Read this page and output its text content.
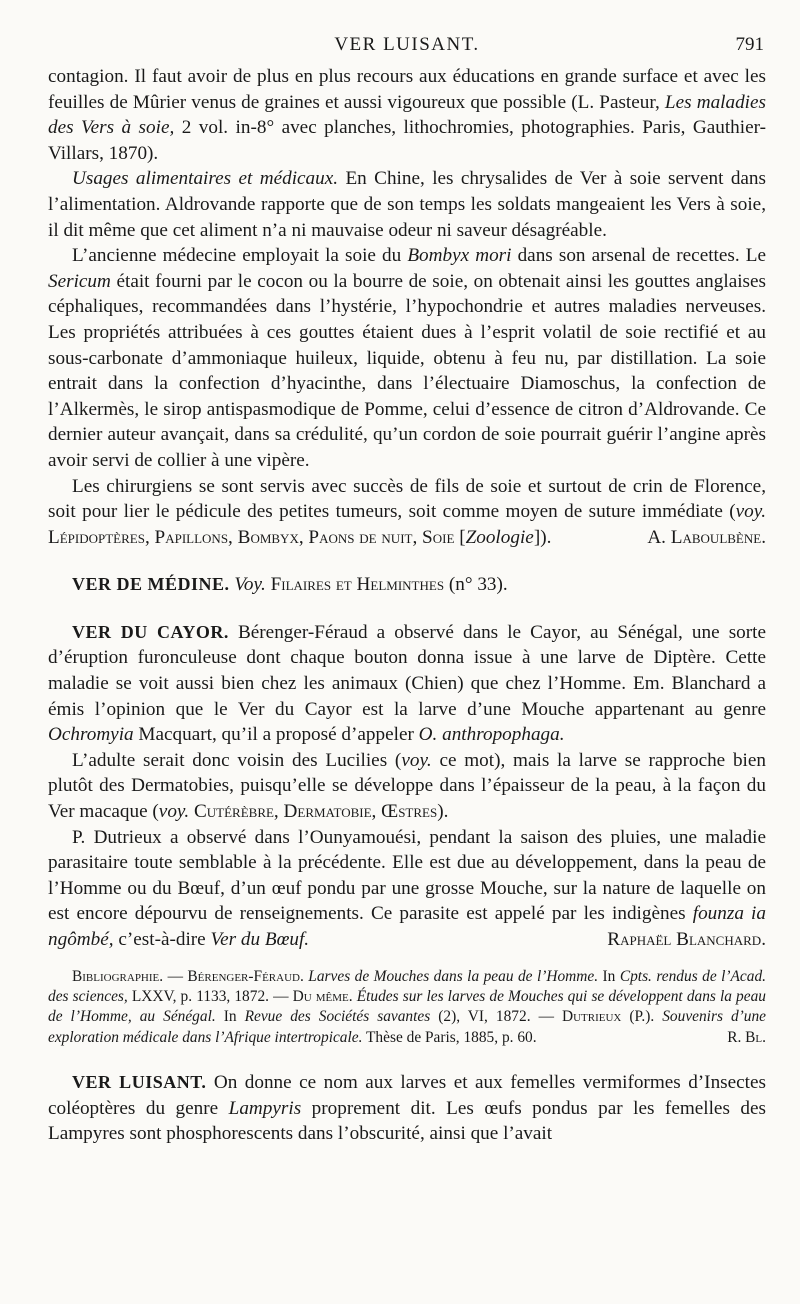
VER LUISANT.	791

contagion. Il faut avoir de plus en plus recours aux éducations en grande surface et avec les feuilles de Mûrier venus de graines et aussi vigoureux que possible (L. Pasteur, Les maladies des Vers à soie, 2 vol. in-8° avec planches, lithochromies, photographies. Paris, Gauthier-Villars, 1870).

Usages alimentaires et médicaux. En Chine, les chrysalides de Ver à soie servent dans l’alimentation. Aldrovande rapporte que de son temps les soldats mangeaient les Vers à soie, il dit même que cet aliment n’a ni mauvaise odeur ni saveur désagréable.

L’ancienne médecine employait la soie du Bombyx mori dans son arsenal de recettes. Le Sericum était fourni par le cocon ou la bourre de soie, on obtenait ainsi les gouttes anglaises céphaliques, recommandées dans l’hystérie, l’hypochondrie et autres maladies nerveuses. Les propriétés attribuées à ces gouttes étaient dues à l’esprit volatil de soie rectifié et au sous-carbonate d’ammoniaque huileux, liquide, obtenu à feu nu, par distillation. La soie entrait dans la confection d’hyacinthe, dans l’électuaire Diamoschus, la confection de l’Alkermès, le sirop antispasmodique de Pomme, celui d’essence de citron d’Aldrovande. Ce dernier auteur avançait, dans sa crédulité, qu’un cordon de soie pourrait guérir l’angine après avoir servi de collier à une vipère.

Les chirurgiens se sont servis avec succès de fils de soie et surtout de crin de Florence, soit pour lier le pédicule des petites tumeurs, soit comme moyen de suture immédiate (voy. Lépidoptères, Papillons, Bombyx, Paons de nuit, Soie [Zoologie]).	A. Laboulbène.

VER DE MÉDINE. Voy. Filaires et Helminthes (n° 33).

VER DU CAYOR. Bérenger-Féraud a observé dans le Cayor, au Sénégal, une sorte d’éruption furonculeuse dont chaque bouton donna issue à une larve de Diptère. Cette maladie se voit aussi bien chez les animaux (Chien) que chez l’Homme. Em. Blanchard a émis l’opinion que le Ver du Cayor est la larve d’une Mouche appartenant au genre Ochromyia Macquart, qu’il a proposé d’appeler O. anthropophaga.

L’adulte serait donc voisin des Lucilies (voy. ce mot), mais la larve se rapproche bien plutôt des Dermatobies, puisqu’elle se développe dans l’épaisseur de la peau, à la façon du Ver macaque (voy. Cutérèbre, Dermatobie, Œstres).

P. Dutrieux a observé dans l’Ounyamouési, pendant la saison des pluies, une maladie parasitaire toute semblable à la précédente. Elle est due au développement, dans la peau de l’Homme ou du Bœuf, d’un œuf pondu par une grosse Mouche, sur la nature de laquelle on est encore dépourvu de renseignements. Ce parasite est appelé par les indigènes founza ia ngômbé, c’est-à-dire Ver du Bœuf.	Raphaël Blanchard.

Bibliographie. — Bérenger-Féraud. Larves de Mouches dans la peau de l’Homme. In Cpts. rendus de l’Acad. des sciences, LXXV, p. 1133, 1872. — Du même. Études sur les larves de Mouches qui se développent dans la peau de l’Homme, au Sénégal. In Revue des Sociétés savantes (2), VI, 1872. — Dutrieux (P.). Souvenirs d’une exploration médicale dans l’Afrique intertropicale. Thèse de Paris, 1885, p. 60.	R. Bl.

VER LUISANT. On donne ce nom aux larves et aux femelles vermiformes d’Insectes coléoptères du genre Lampyris proprement dit. Les œufs pondus par les femelles des Lampyres sont phosphorescents dans l’obscurité, ainsi que l’avait
